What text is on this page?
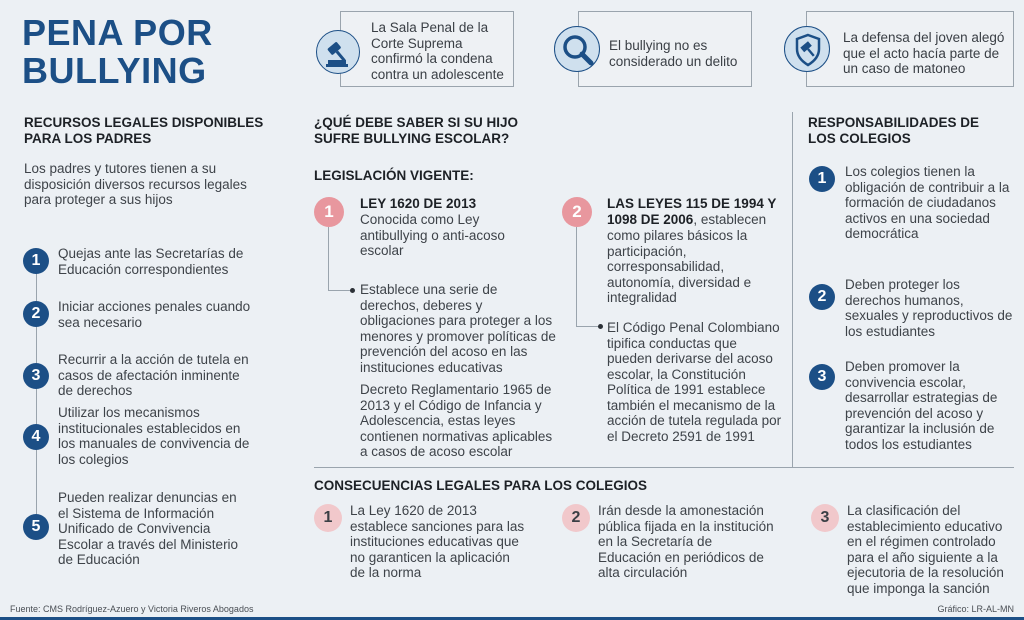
PENA POR BULLYING
La Sala Penal de la Corte Suprema confirmó la condena contra un adolescente
El bullying no es considerado un delito
La defensa del joven alegó que el acto hacía parte de un caso de matoneo
RECURSOS LEGALES DISPONIBLES PARA LOS PADRES
Los padres y tutores tienen a su disposición diversos recursos legales para proteger a sus hijos
1	Quejas ante las Secretarías de Educación correspondientes
2	Iniciar acciones penales cuando sea necesario
3
Recurrir a la acción de tutela en casos de afectación inminente de derechos
4
Utilizar los mecanismos institucionales establecidos en los manuales de convivencia de los colegios
5
Pueden realizar denuncias en el Sistema de Información Unificado de Convivencia Escolar a través del Ministerio de Educación
¿QUÉ DEBE SABER SI SU HIJO SUFRE BULLYING ESCOLAR?
LEGISLACIÓN VIGENTE:
1	LEY 1620 DE 2013
Conocida como Ley antibullying o anti-acoso escolar
Establece una serie de derechos, deberes y obligaciones para proteger a los menores y promover políticas de prevención del acoso en las instituciones educativas
Decreto Reglamentario 1965 de 2013 y el Código de Infancia y Adolescencia, estas leyes contienen normativas aplicables a casos de acoso escolar
2	LAS LEYES 115 DE 1994 Y 1098 DE 2006, establecen como pilares básicos la participación, corresponsabilidad, autonomía, diversidad e integralidad
El Código Penal Colombiano tipifica conductas que pueden derivarse del acoso escolar, la Constitución Política de 1991 establece también el mecanismo de la acción de tutela regulada por el Decreto 2591 de 1991
RESPONSABILIDADES DE LOS COLEGIOS
1	Los colegios tienen la obligación de contribuir a la formación de ciudadanos activos en una sociedad democrática
2
Deben proteger los derechos humanos, sexuales y reproductivos de los estudiantes
3
Deben promover la convivencia escolar, desarrollar estrategias de prevención del acoso y garantizar la inclusión de todos los estudiantes
CONSECUENCIAS LEGALES PARA LOS COLEGIOS
1	La Ley 1620 de 2013 establece sanciones para las instituciones educativas que no garanticen la aplicación de la norma
2	Irán desde la amonestación pública fijada en la institución en la Secretaría de Educación en periódicos de alta circulación
3	La clasificación del establecimiento educativo en el régimen controlado para el año siguiente a la ejecutoria de la resolución que imponga la sanción
Fuente: CMS Rodríguez-Azuero y Victoria Riveros Abogados	Gráfico: LR-AL-MN
